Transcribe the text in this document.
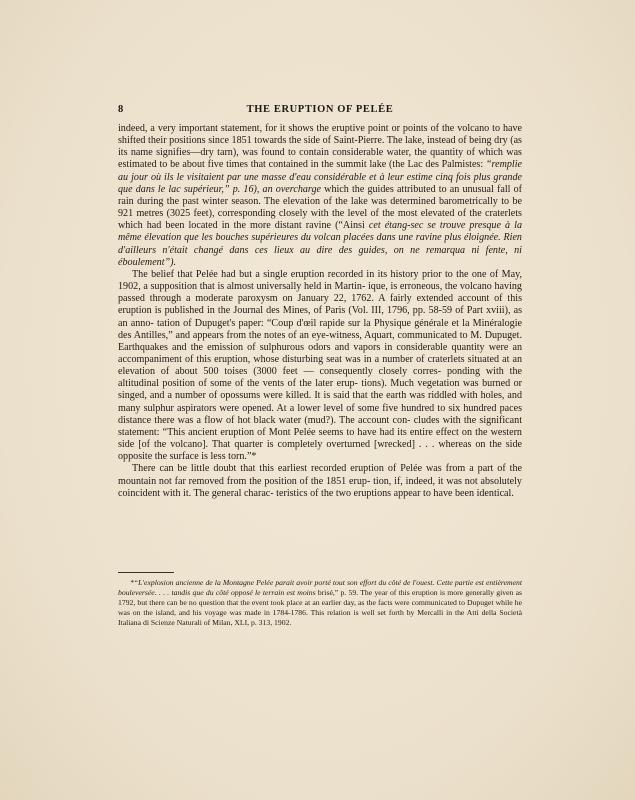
8	THE ERUPTION OF PELÉE

indeed, a very important statement, for it shows the eruptive point or points of the volcano to have shifted their positions since 1851 towards the side of Saint-Pierre. The lake, instead of being dry (as its name signifies—dry tarn), was found to contain considerable water, the quantity of which was estimated to be about five times that contained in the summit lake (the Lac des Palmistes: “remplie au jour où ils le visitaient par une masse d'eau considérable et à leur estime cinq fois plus grande que dans le lac supérieur,” p. 16), an overcharge which the guides attributed to an unusual fall of rain during the past winter season. The elevation of the lake was determined barometrically to be 921 metres (3025 feet), corresponding closely with the level of the most elevated of the craterlets which had been located in the more distant ravine (“Ainsi cet étang-sec se trouve presque à la même élevation que les bouches supérieures du volcan placées dans une ravine plus éloignée. Rien d'ailleurs n'était changé dans ces lieux au dire des guides, on ne remarqua ni fente, ni éboulement”).

The belief that Pelée had but a single eruption recorded in its history prior to the one of May, 1902, a supposition that is almost universally held in Martin- ique, is erroneous, the volcano having passed through a moderate paroxysm on January 22, 1762. A fairly extended account of this eruption is published in the Journal des Mines, of Paris (Vol. III, 1796, pp. 58-59 of Part xviii), as an anno- tation of Dupuget's paper: “Coup d'œil rapide sur la Physique générale et la Minéralogie des Antilles,” and appears from the notes of an eye-witness, Aquart, communicated to M. Dupuget. Earthquakes and the emission of sulphurous odors and vapors in considerable quantity were an accompaniment of this eruption, whose disturbing seat was in a number of craterlets situated at an elevation of about 500 toises (3000 feet — consequently closely corres- ponding with the altitudinal position of some of the vents of the later erup- tions). Much vegetation was burned or singed, and a number of opossums were killed. It is said that the earth was riddled with holes, and many sulphur aspirators were opened. At a lower level of some five hundred to six hundred paces distance there was a flow of hot black water (mud?). The account con- cludes with the significant statement: “This ancient eruption of Mont Pelée seems to have had its entire effect on the western side [of the volcano]. That quarter is completely overturned [wrecked] . . . whereas on the side opposite the surface is less torn.”*

There can be little doubt that this earliest recorded eruption of Pelée was from a part of the mountain not far removed from the position of the 1851 erup- tion, if, indeed, it was not absolutely coincident with it. The general charac- teristics of the two eruptions appear to have been identical.

*“L'explosion ancienne de la Montagne Pelée parait avoir porté tout son effort du côté de l'ouest. Cette partie est entièrement bouleversée. . . . tandis que du côté opposé le terrain est moins brisé,” p. 59. The year of this eruption is more generally given as 1792, but there can be no question that the event took place at an earlier day, as the facts were communicated to Dupuget while he was on the island, and his voyage was made in 1784-1786. This relation is well set forth by Mercalli in the Atti della Società Italiana di Scienze Naturali of Milan, XLI, p. 313, 1902.
